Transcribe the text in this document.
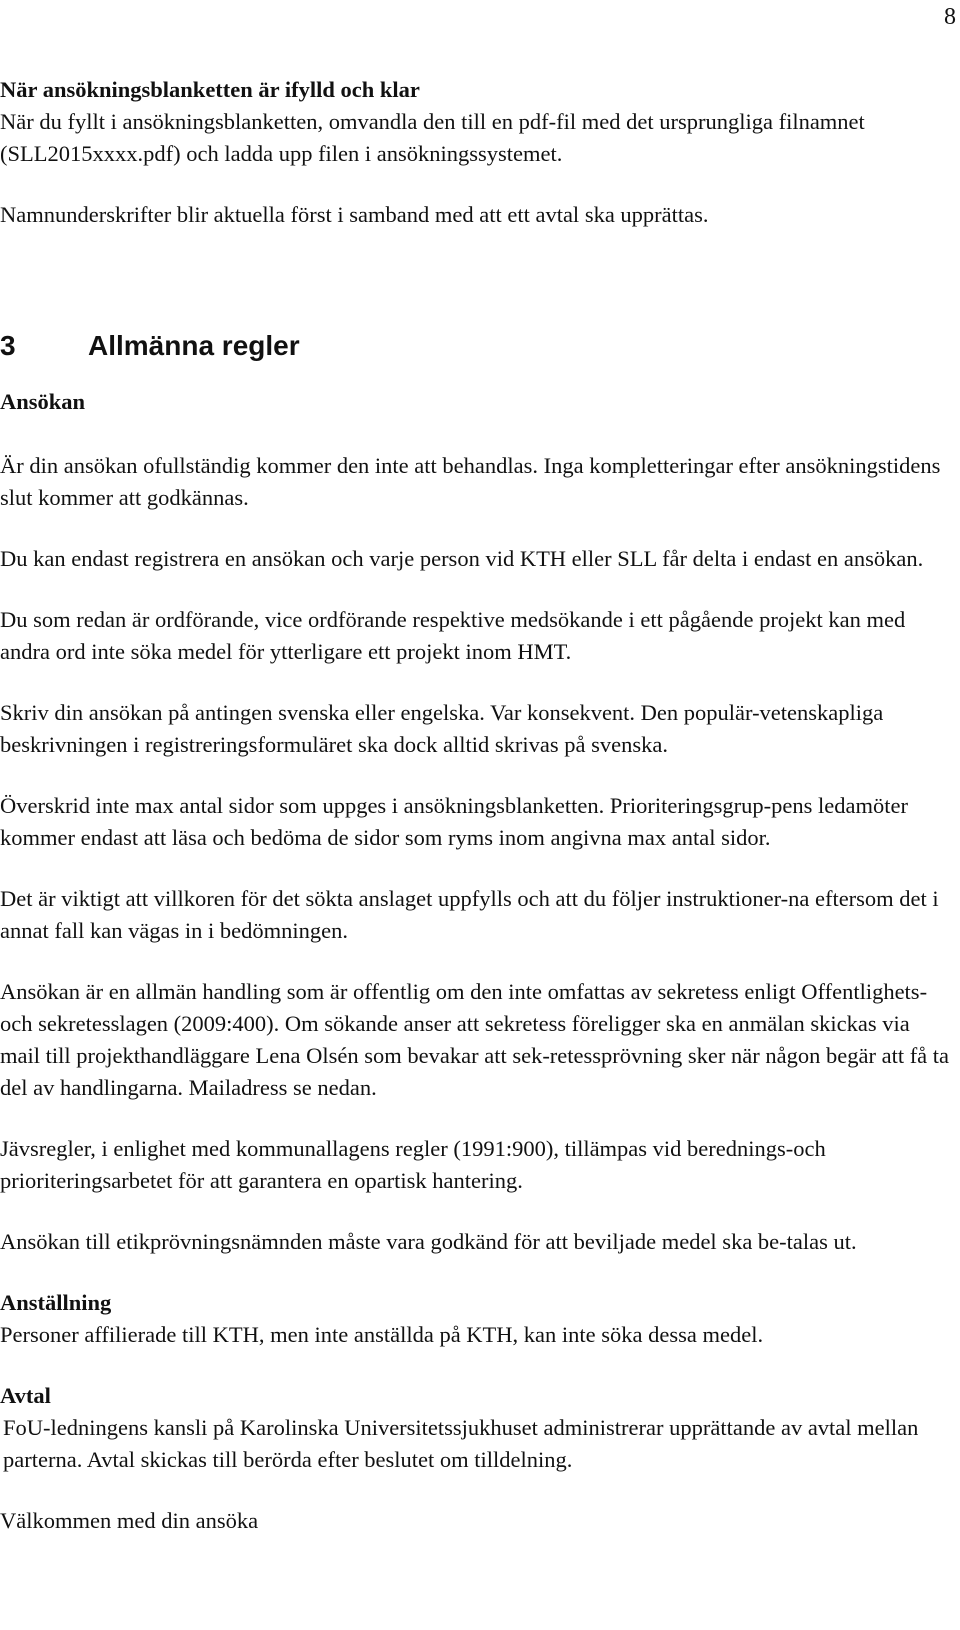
8

När ansökningsblanketten är ifylld och klar

När du fyllt i ansökningsblanketten, omvandla den till en pdf-fil med det ursprungliga filnamnet (SLL2015xxxx.pdf) och ladda upp filen i ansökningssystemet.

Namnunderskrifter blir aktuella först i samband med att ett avtal ska upprättas.

3	Allmänna regler

Ansökan

Är din ansökan ofullständig kommer den inte att behandlas. Inga kompletteringar efter ansökningstidens slut kommer att godkännas.

Du kan endast registrera en ansökan och varje person vid KTH eller SLL får delta i endast en ansökan.

Du som redan är ordförande, vice ordförande respektive medsökande i ett pågående projekt kan med andra ord inte söka medel för ytterligare ett projekt inom HMT.

Skriv din ansökan på antingen svenska eller engelska. Var konsekvent. Den populär-vetenskapliga beskrivningen i registreringsformuläret ska dock alltid skrivas på svenska.

Överskrid inte max antal sidor som uppges i ansökningsblanketten. Prioriteringsgrup-pens ledamöter kommer endast att läsa och bedöma de sidor som ryms inom angivna max antal sidor.

Det är viktigt att villkoren för det sökta anslaget uppfylls och att du följer instruktioner-na eftersom det i annat fall kan vägas in i bedömningen.

Ansökan är en allmän handling som är offentlig om den inte omfattas av sekretess enligt Offentlighets- och sekretesslagen (2009:400). Om sökande anser att sekretess föreligger ska en anmälan skickas via mail till projekthandläggare Lena Olsén som bevakar att sek-retessprövning sker när någon begär att få ta del av handlingarna. Mailadress se nedan.

Jävsregler, i enlighet med kommunallagens regler (1991:900), tillämpas vid berednings-och prioriteringsarbetet för att garantera en opartisk hantering.

Ansökan till etikprövningsnämnden måste vara godkänd för att beviljade medel ska be-talas ut.

Anställning

Personer affilierade till KTH, men inte anställda på KTH, kan inte söka dessa medel.

Avtal

FoU-ledningens kansli på Karolinska Universitetssjukhuset administrerar upprättande av avtal mellan parterna. Avtal skickas till berörda efter beslutet om tilldelning.

Välkommen med din ansöka
